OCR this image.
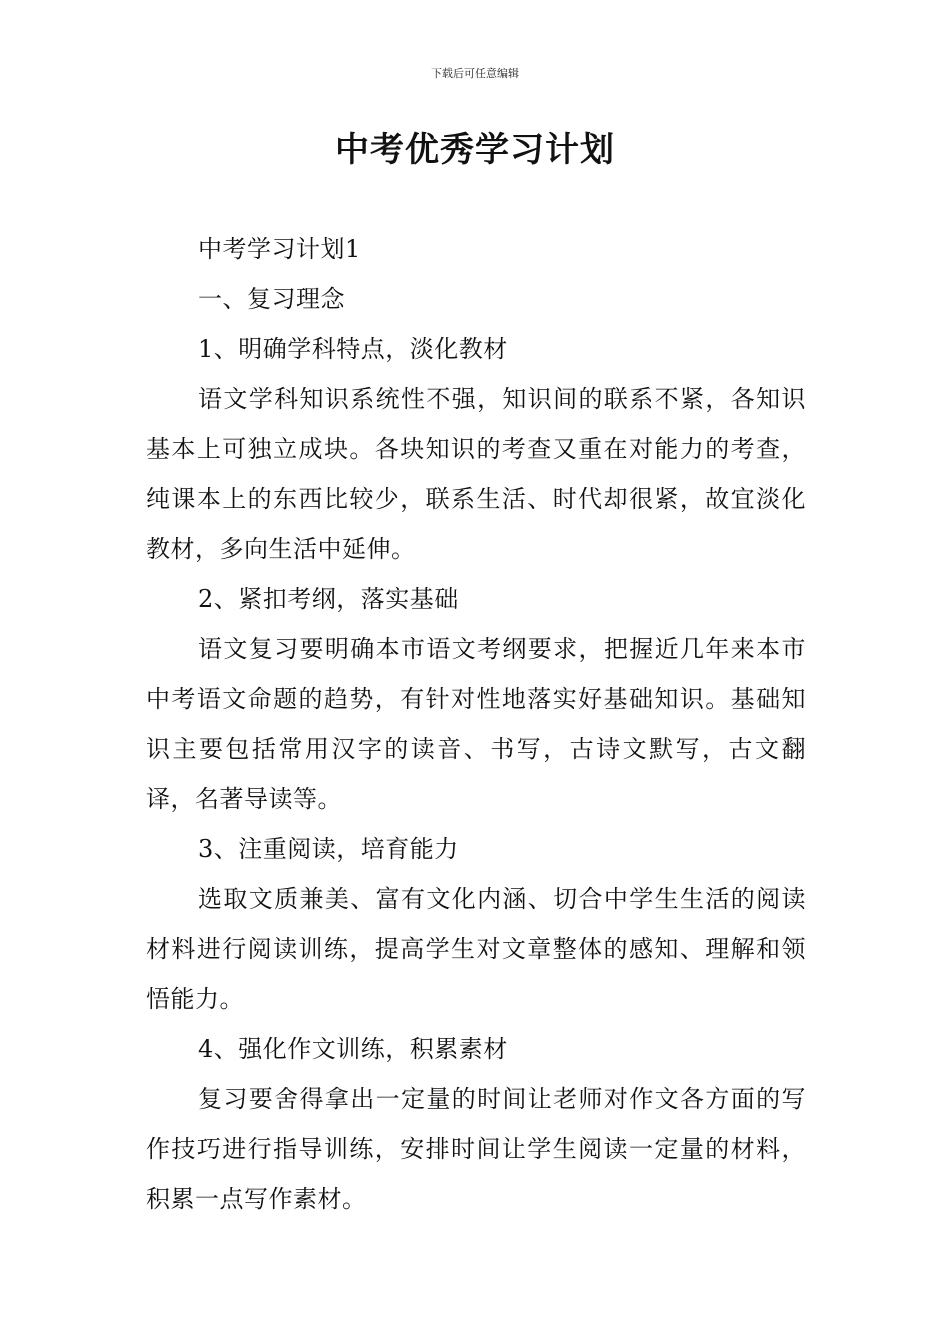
下载后可任意编辑
中考优秀学习计划

中考学习计划1

一、复习理念

1、明确学科特点，淡化教材

语文学科知识系统性不强，知识间的联系不紧，各知识基本上可独立成块。各块知识的考查又重在对能力的考查，纯课本上的东西比较少，联系生活、时代却很紧，故宜淡化教材，多向生活中延伸。

2、紧扣考纲，落实基础

语文复习要明确本市语文考纲要求，把握近几年来本市中考语文命题的趋势，有针对性地落实好基础知识。基础知识主要包括常用汉字的读音、书写，古诗文默写，古文翻译，名著导读等。

3、注重阅读，培育能力

选取文质兼美、富有文化内涵、切合中学生生活的阅读材料进行阅读训练，提高学生对文章整体的感知、理解和领悟能力。

4、强化作文训练，积累素材

复习要舍得拿出一定量的时间让老师对作文各方面的写作技巧进行指导训练，安排时间让学生阅读一定量的材料，积累一点写作素材。
